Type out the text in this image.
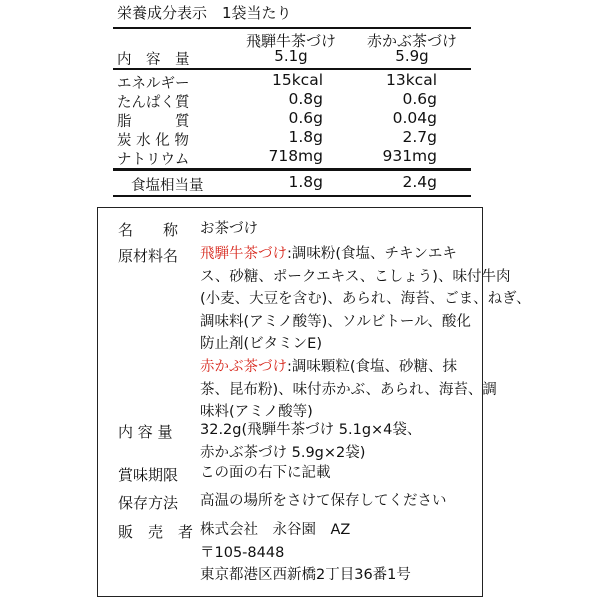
栄養成分表示　1袋当たり
飛騨牛茶づけ	赤かぶ茶づけ
内　容　量	5.1g	5.9g
エネルギー	15kcal	13kcal
たんぱく質	0.8g	0.6g
脂　　　質	0.6g	0.04g
炭 水 化 物	1.8g	2.7g
ナトリウム	718mg	931mg
食塩相当量	1.8g	2.4g
名　　称 お茶づけ
原材料名 飛騨牛茶づけ:調味粉(食塩、チキンエキ
ス、砂糖、ポークエキス、こしょう)、味付牛肉
(小麦、大豆を含む)、あられ、海苔、ごま、ねぎ、
調味料(アミノ酸等)、ソルビトール、酸化
防止剤(ビタミンE)
赤かぶ茶づけ:調味顆粒(食塩、砂糖、抹
茶、昆布粉)、味付赤かぶ、あられ、海苔、調
味料(アミノ酸等)
内 容 量 32.2g(飛騨牛茶づけ 5.1g×4袋、
赤かぶ茶づけ 5.9g×2袋)
賞味期限 この面の右下に記載
保存方法 高温の場所をさけて保存してください
販　売　者 株式会社　永谷園　AZ
〒105-8448
東京都港区西新橋2丁目36番1号
